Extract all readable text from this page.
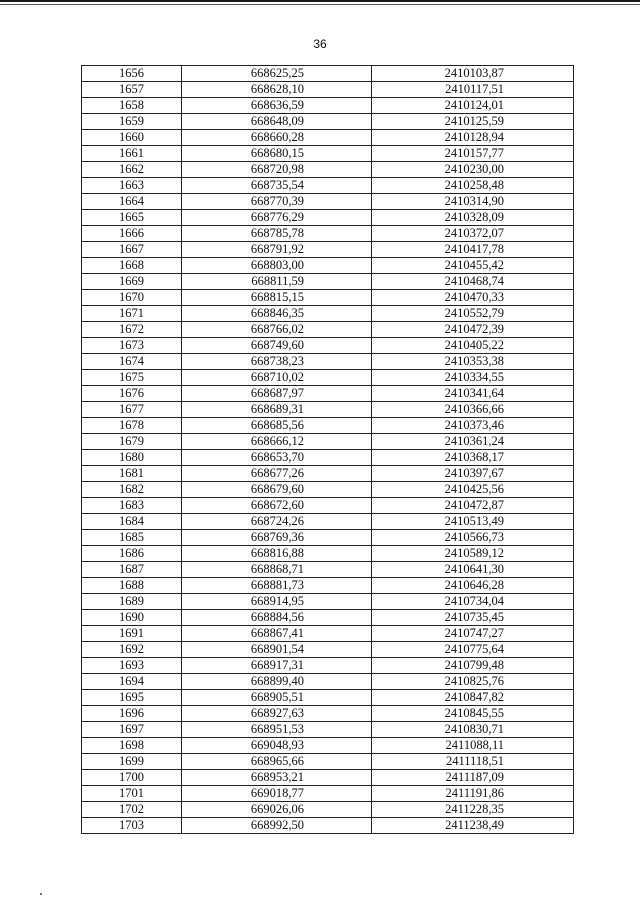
36
1656	668625,25	2410103,87
1657	668628,10	2410117,51
1658	668636,59	2410124,01
1659	668648,09	2410125,59
1660	668660,28	2410128,94
1661	668680,15	2410157,77
1662	668720,98	2410230,00
1663	668735,54	2410258,48
1664	668770,39	2410314,90
1665	668776,29	2410328,09
1666	668785,78	2410372,07
1667	668791,92	2410417,78
1668	668803,00	2410455,42
1669	668811,59	2410468,74
1670	668815,15	2410470,33
1671	668846,35	2410552,79
1672	668766,02	2410472,39
1673	668749,60	2410405,22
1674	668738,23	2410353,38
1675	668710,02	2410334,55
1676	668687,97	2410341,64
1677	668689,31	2410366,66
1678	668685,56	2410373,46
1679	668666,12	2410361,24
1680	668653,70	2410368,17
1681	668677,26	2410397,67
1682	668679,60	2410425,56
1683	668672,60	2410472,87
1684	668724,26	2410513,49
1685	668769,36	2410566,73
1686	668816,88	2410589,12
1687	668868,71	2410641,30
1688	668881,73	2410646,28
1689	668914,95	2410734,04
1690	668884,56	2410735,45
1691	668867,41	2410747,27
1692	668901,54	2410775,64
1693	668917,31	2410799,48
1694	668899,40	2410825,76
1695	668905,51	2410847,82
1696	668927,63	2410845,55
1697	668951,53	2410830,71
1698	669048,93	2411088,11
1699	668965,66	2411118,51
1700	668953,21	2411187,09
1701	669018,77	2411191,86
1702	669026,06	2411228,35
1703	668992,50	2411238,49
